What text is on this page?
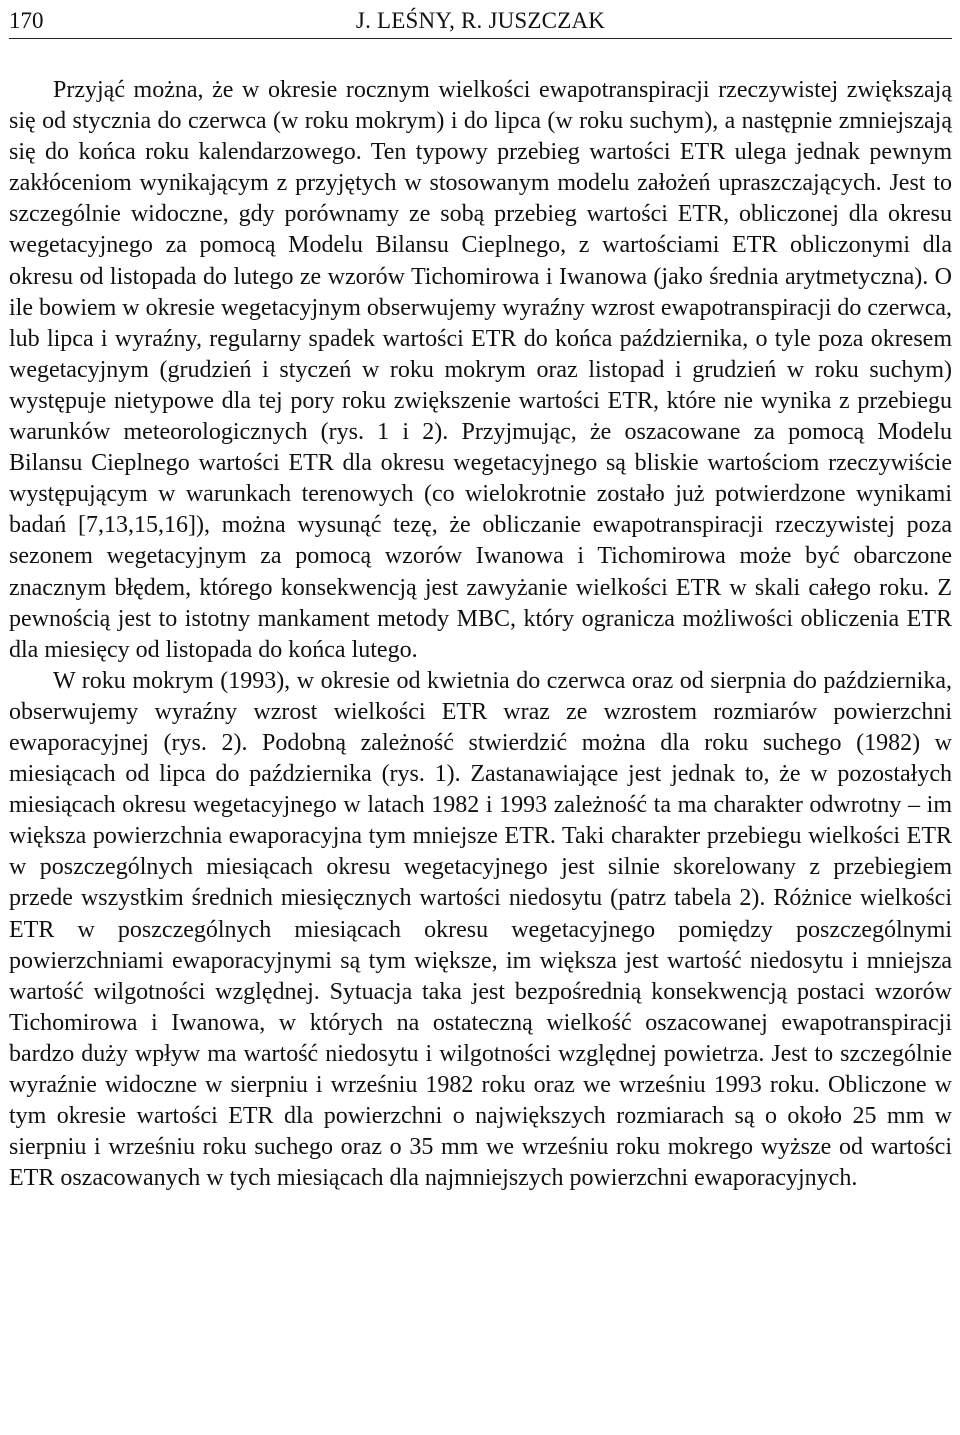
170	J. LEŚNY, R. JUSZCZAK

Przyjąć można, że w okresie rocznym wielkości ewapotranspiracji rzeczywistej zwiększają się od stycznia do czerwca (w roku mokrym) i do lipca (w roku suchym), a następnie zmniejszają się do końca roku kalendarzowego. Ten typowy przebieg wartości ETR ulega jednak pewnym zakłóceniom wynikającym z przyjętych w stosowanym modelu założeń upraszczających. Jest to szczególnie widoczne, gdy porównamy ze sobą przebieg wartości ETR, obliczonej dla okresu wegetacyjnego za pomocą Modelu Bilansu Cieplnego, z wartościami ETR obliczonymi dla okresu od listopada do lutego ze wzorów Tichomirowa i Iwanowa (jako średnia arytmetyczna). O ile bowiem w okresie wegetacyjnym obserwujemy wyraźny wzrost ewapotranspiracji do czerwca, lub lipca i wyraźny, regularny spadek wartości ETR do końca października, o tyle poza okresem wegetacyjnym (grudzień i styczeń w roku mokrym oraz listopad i grudzień w roku suchym) występuje nietypowe dla tej pory roku zwiększenie wartości ETR, które nie wynika z przebiegu warunków meteorologicznych (rys. 1 i 2). Przyjmując, że oszacowane za pomocą Modelu Bilansu Cieplnego wartości ETR dla okresu wegetacyjnego są bliskie wartościom rzeczywiście występującym w warunkach terenowych (co wielokrotnie zostało już potwierdzone wynikami badań [7,13,15,16]), można wysunąć tezę, że obliczanie ewapotranspiracji rzeczywistej poza sezonem wegetacyjnym za pomocą wzorów Iwanowa i Tichomirowa może być obarczone znacznym błędem, którego konsekwencją jest zawyżanie wielkości ETR w skali całego roku. Z pewnością jest to istotny mankament metody MBC, który ogranicza możliwości obliczenia ETR dla miesięcy od listopada do końca lutego.

W roku mokrym (1993), w okresie od kwietnia do czerwca oraz od sierpnia do października, obserwujemy wyraźny wzrost wielkości ETR wraz ze wzrostem rozmiarów powierzchni ewaporacyjnej (rys. 2). Podobną zależność stwierdzić można dla roku suchego (1982) w miesiącach od lipca do października (rys. 1). Zastanawiające jest jednak to, że w pozostałych miesiącach okresu wegetacyjnego w latach 1982 i 1993 zależność ta ma charakter odwrotny – im większa powierzchnia ewaporacyjna tym mniejsze ETR. Taki charakter przebiegu wielkości ETR w poszczególnych miesiącach okresu wegetacyjnego jest silnie skorelowany z przebiegiem przede wszystkim średnich miesięcznych wartości niedosytu (patrz tabela 2). Różnice wielkości ETR w poszczególnych miesiącach okresu wegetacyjnego pomiędzy poszczególnymi powierzchniami ewaporacyjnymi są tym większe, im większa jest wartość niedosytu i mniejsza wartość wilgotności względnej. Sytuacja taka jest bezpośrednią konsekwencją postaci wzorów Tichomirowa i Iwanowa, w których na ostateczną wielkość oszacowanej ewapotranspiracji bardzo duży wpływ ma wartość niedosytu i wilgotności względnej powietrza. Jest to szczególnie wyraźnie widoczne w sierpniu i wrześniu 1982 roku oraz we wrześniu 1993 roku. Obliczone w tym okresie wartości ETR dla powierzchni o największych rozmiarach są o około 25 mm w sierpniu i wrześniu roku suchego oraz o 35 mm we wrześniu roku mokrego wyższe od wartości ETR oszacowanych w tych miesiącach dla najmniejszych powierzchni ewaporacyjnych.
